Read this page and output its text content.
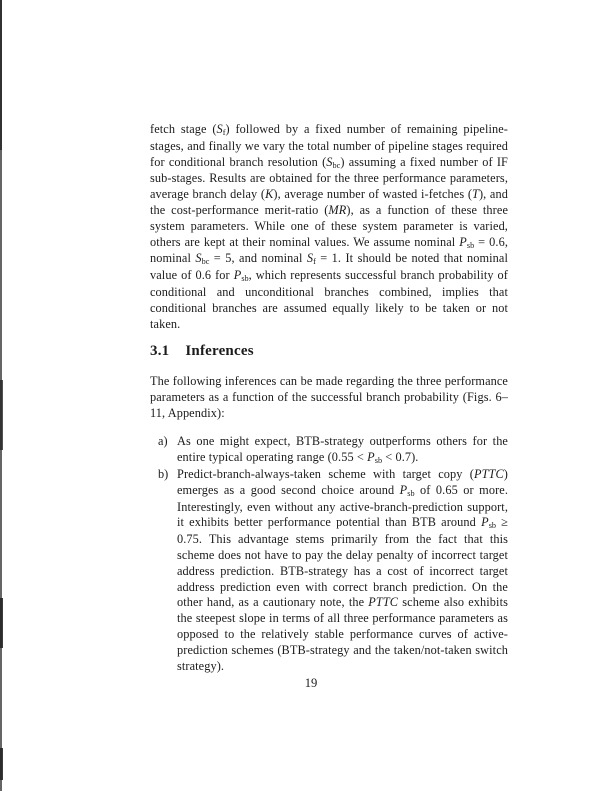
fetch stage (Sf) followed by a fixed number of remaining pipeline-stages, and finally we vary the total number of pipeline stages required for conditional branch resolution (Sbc) assuming a fixed number of IF sub-stages. Results are obtained for the three performance parameters, average branch delay (K), average number of wasted i-fetches (T), and the cost-performance merit-ratio (MR), as a function of these three system parameters. While one of these system parameter is varied, others are kept at their nominal values. We assume nominal Psb = 0.6, nominal Sbc = 5, and nominal Sf = 1. It should be noted that nominal value of 0.6 for Psb, which represents successful branch probability of conditional and unconditional branches combined, implies that conditional branches are assumed equally likely to be taken or not taken.

3.1 Inferences

The following inferences can be made regarding the three performance parameters as a function of the successful branch probability (Figs. 6–11, Appendix):

a) As one might expect, BTB-strategy outperforms others for the entire typical operating range (0.55 < Psb < 0.7).
b) Predict-branch-always-taken scheme with target copy (PTTC) emerges as a good second choice around Psb of 0.65 or more. Interestingly, even without any active-branch-prediction support, it exhibits better performance potential than BTB around Psb ≥ 0.75. This advantage stems primarily from the fact that this scheme does not have to pay the delay penalty of incorrect target address prediction. BTB-strategy has a cost of incorrect target address prediction even with correct branch prediction. On the other hand, as a cautionary note, the PTTC scheme also exhibits the steepest slope in terms of all three performance parameters as opposed to the relatively stable performance curves of active-prediction schemes (BTB-strategy and the taken/not-taken switch strategy).
19
